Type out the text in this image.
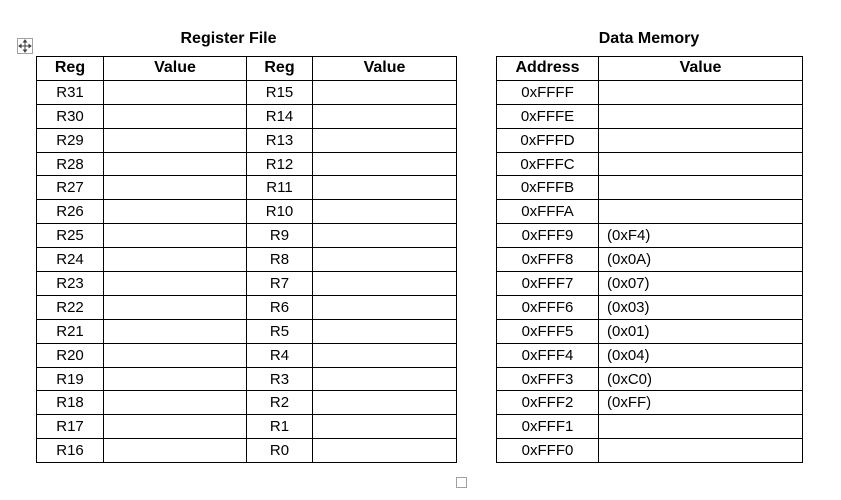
Register File	Data Memory
Reg	Value	Reg	Value
R31		R15	
R30		R14	
R29		R13	
R28		R12	
R27		R11	
R26		R10	
R25		R9	
R24		R8	
R23		R7	
R22		R6	
R21		R5	
R20		R4	
R19		R3	
R18		R2	
R17		R1	
R16		R0	
Address	Value
0xFFFF	
0xFFFE	
0xFFFD	
0xFFFC	
0xFFFB	
0xFFFA	
0xFFF9	(0xF4)
0xFFF8	(0x0A)
0xFFF7	(0x07)
0xFFF6	(0x03)
0xFFF5	(0x01)
0xFFF4	(0x04)
0xFFF3	(0xC0)
0xFFF2	(0xFF)
0xFFF1	
0xFFF0	
